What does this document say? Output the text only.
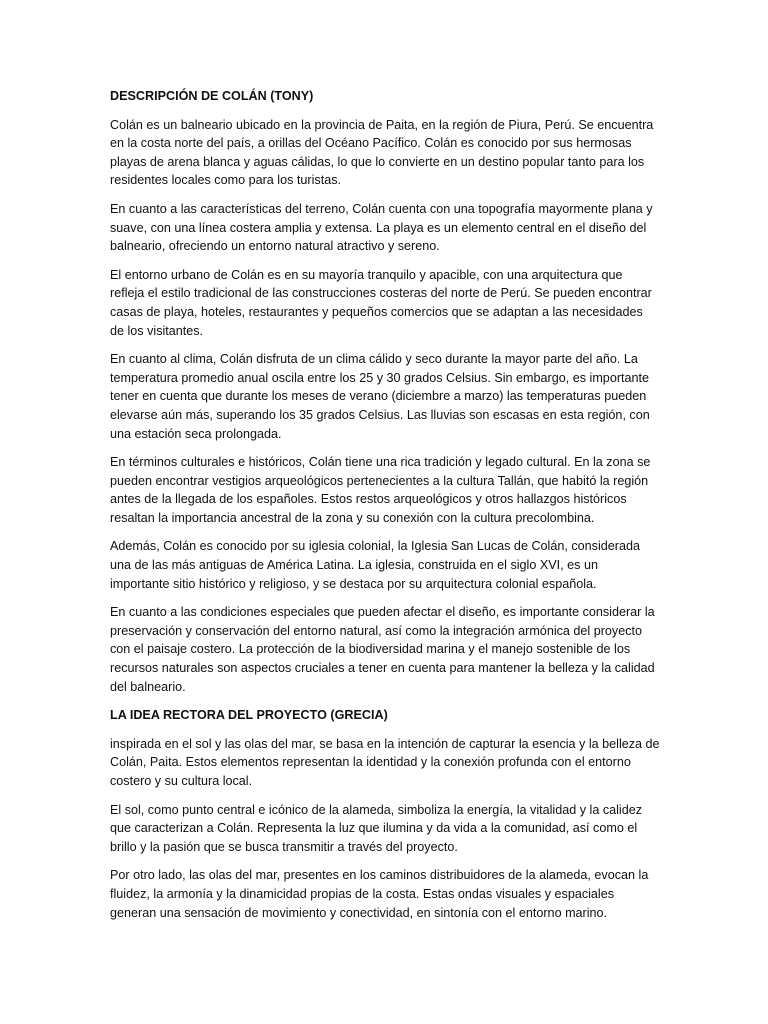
DESCRIPCIÓN DE COLÁN (TONY)

Colán es un balneario ubicado en la provincia de Paita, en la región de Piura, Perú. Se encuentra en la costa norte del país, a orillas del Océano Pacífico. Colán es conocido por sus hermosas playas de arena blanca y aguas cálidas, lo que lo convierte en un destino popular tanto para los residentes locales como para los turistas.

En cuanto a las características del terreno, Colán cuenta con una topografía mayormente plana y suave, con una línea costera amplia y extensa. La playa es un elemento central en el diseño del balneario, ofreciendo un entorno natural atractivo y sereno.

El entorno urbano de Colán es en su mayoría tranquilo y apacible, con una arquitectura que refleja el estilo tradicional de las construcciones costeras del norte de Perú. Se pueden encontrar casas de playa, hoteles, restaurantes y pequeños comercios que se adaptan a las necesidades de los visitantes.

En cuanto al clima, Colán disfruta de un clima cálido y seco durante la mayor parte del año. La temperatura promedio anual oscila entre los 25 y 30 grados Celsius. Sin embargo, es importante tener en cuenta que durante los meses de verano (diciembre a marzo) las temperaturas pueden elevarse aún más, superando los 35 grados Celsius. Las lluvias son escasas en esta región, con una estación seca prolongada.

En términos culturales e históricos, Colán tiene una rica tradición y legado cultural. En la zona se pueden encontrar vestigios arqueológicos pertenecientes a la cultura Tallán, que habitó la región antes de la llegada de los españoles. Estos restos arqueológicos y otros hallazgos históricos resaltan la importancia ancestral de la zona y su conexión con la cultura precolombina.

Además, Colán es conocido por su iglesia colonial, la Iglesia San Lucas de Colán, considerada una de las más antiguas de América Latina. La iglesia, construida en el siglo XVI, es un importante sitio histórico y religioso, y se destaca por su arquitectura colonial española.

En cuanto a las condiciones especiales que pueden afectar el diseño, es importante considerar la preservación y conservación del entorno natural, así como la integración armónica del proyecto con el paisaje costero. La protección de la biodiversidad marina y el manejo sostenible de los recursos naturales son aspectos cruciales a tener en cuenta para mantener la belleza y la calidad del balneario.

LA IDEA RECTORA DEL PROYECTO (GRECIA)

inspirada en el sol y las olas del mar, se basa en la intención de capturar la esencia y la belleza de Colán, Paita. Estos elementos representan la identidad y la conexión profunda con el entorno costero y su cultura local.

El sol, como punto central e icónico de la alameda, simboliza la energía, la vitalidad y la calidez que caracterizan a Colán. Representa la luz que ilumina y da vida a la comunidad, así como el brillo y la pasión que se busca transmitir a través del proyecto.

Por otro lado, las olas del mar, presentes en los caminos distribuidores de la alameda, evocan la fluidez, la armonía y la dinamicidad propias de la costa. Estas ondas visuales y espaciales generan una sensación de movimiento y conectividad, en sintonía con el entorno marino.
